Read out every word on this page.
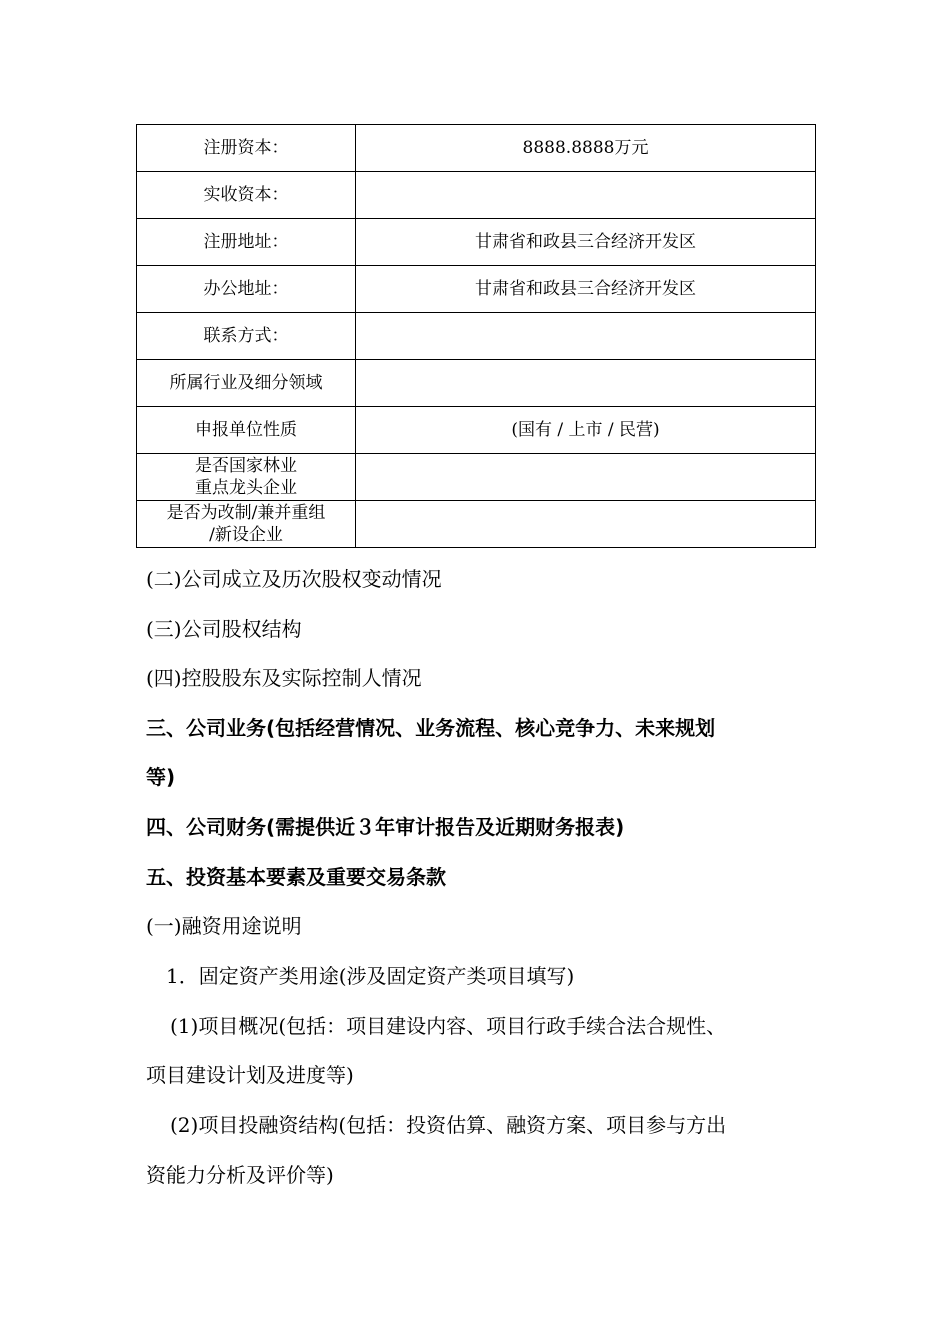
注册资本：	8888.8888万元
实收资本：	
注册地址：	甘肃省和政县三合经济开发区
办公地址：	甘肃省和政县三合经济开发区
联系方式：	
所属行业及细分领域	
申报单位性质	(国有 / 上市 / 民营)

是否国家林业
重点龙头企业	

是否为改制/兼并重组
/新设企业	

(二)公司成立及历次股权变动情况
(三)公司股权结构
(四)控股股东及实际控制人情况
三、公司业务(包括经营情况、业务流程、核心竞争力、未来规划
等)
四、公司财务(需提供近３年审计报告及近期财务报表)
五、投资基本要素及重要交易条款
(一)融资用途说明
1．固定资产类用途(涉及固定资产类项目填写)
(1)项目概况(包括：项目建设内容、项目行政手续合法合规性、
项目建设计划及进度等)
(2)项目投融资结构(包括：投资估算、融资方案、项目参与方出
资能力分析及评价等)
